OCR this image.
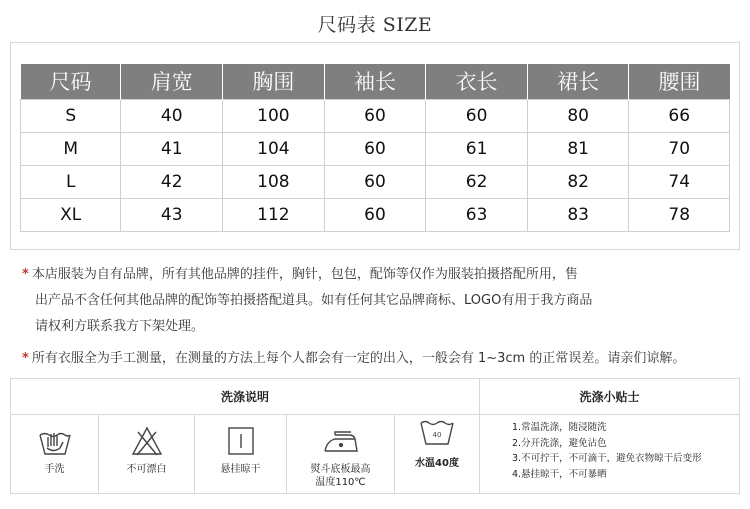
尺码表 SIZE
尺码	肩宽	胸围	袖长	衣长	裙长	腰围
S	40	100	60	60	80	66
M	41	104	60	61	81	70
L	42	108	60	62	82	74
XL	43	112	60	63	83	78
* 本店服装为自有品牌，所有其他品牌的挂件，胸针，包包，配饰等仅作为服装拍摄搭配所用，售
出产品不含任何其他品牌的配饰等拍摄搭配道具。如有任何其它品牌商标、LOGO有用于我方商品
请权利方联系我方下架处理。
* 所有衣服全为手工测量，在测量的方法上每个人都会有一定的出入，一般会有 1~3cm 的正常误差。请亲们谅解。
洗涤说明	洗涤小贴士
手洗	不可漂白	悬挂晾干	熨斗底板最高
温度110℃
40
水温40度
1.常温洗涤，随浸随洗
2.分开洗涤，避免沾色
3.不可拧干，不可滴干，避免衣物晾干后变形
4.悬挂晾干，不可暴晒
